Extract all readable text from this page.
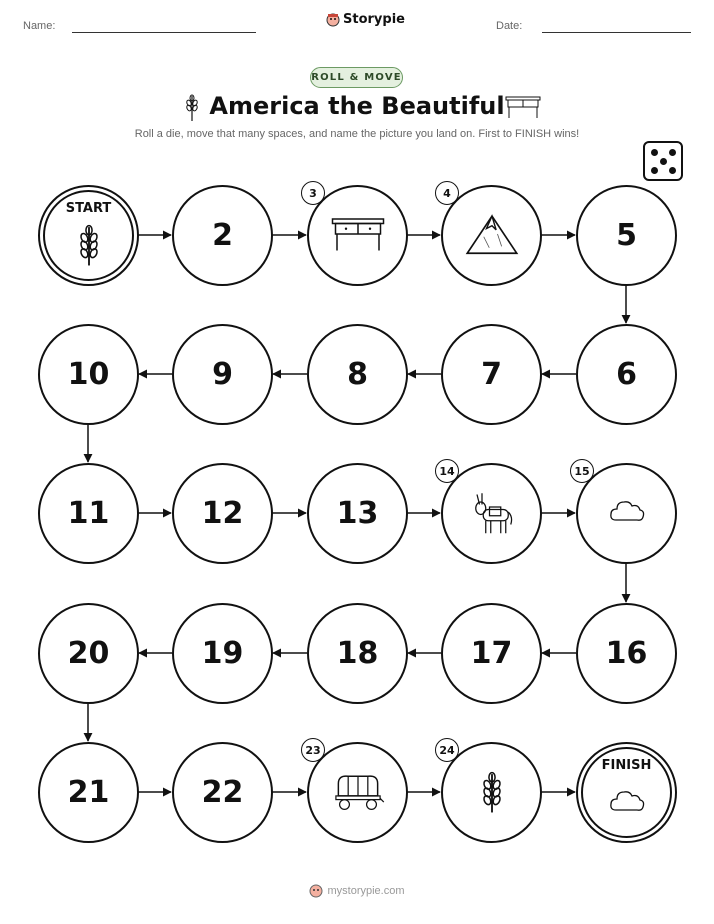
Name:	Storypie	Date:
ROLL & MOVE
America the Beautiful
Roll a die, move that many spaces, and name the picture you land on. First to FINISH wins!
START
2
3	4
5
6
7
8
9
10
11	12	13
14	15
16
17
18
19
20
21	22
23	24
FINISH
mystorypie.com
